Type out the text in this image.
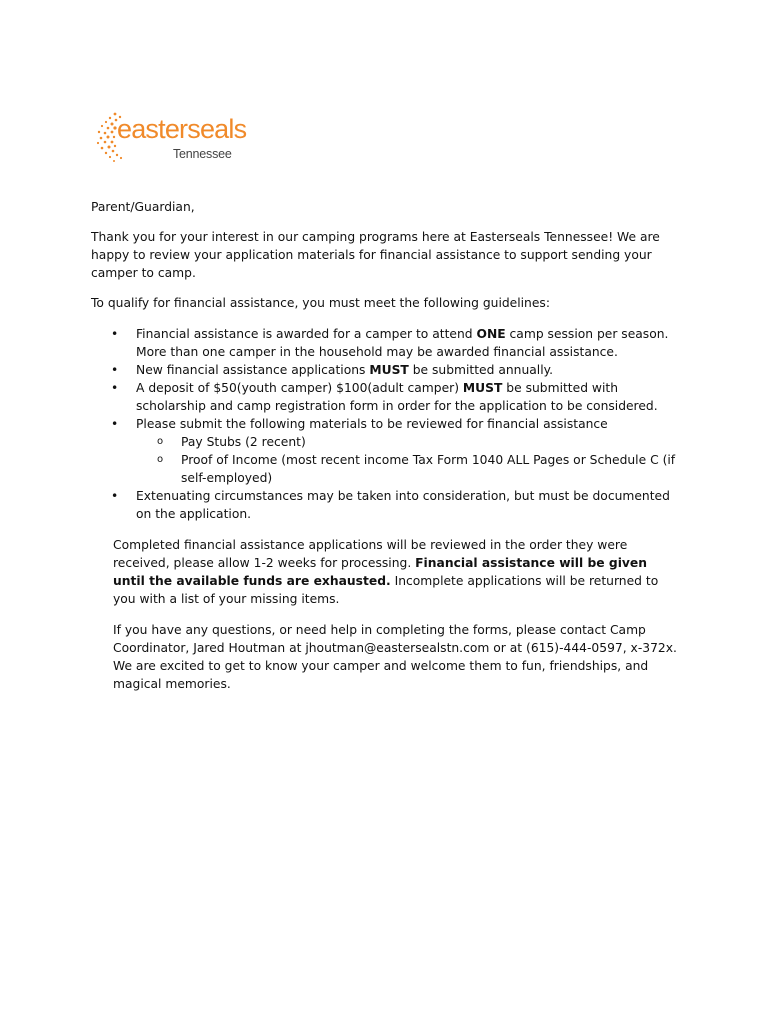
easterseals
Tennessee

Parent/Guardian,

Thank you for your interest in our camping programs here at Easterseals Tennessee! We are happy to review your application materials for financial assistance to support sending your camper to camp.

To qualify for financial assistance, you must meet the following guidelines:

• Financial assistance is awarded for a camper to attend ONE camp session per season. More than one camper in the household may be awarded financial assistance.
• New financial assistance applications MUST be submitted annually.
• A deposit of $50(youth camper) $100(adult camper) MUST be submitted with scholarship and camp registration form in order for the application to be considered.
• Please submit the following materials to be reviewed for financial assistance
o Pay Stubs (2 recent)
o Proof of Income (most recent income Tax Form 1040 ALL Pages or Schedule C (if self-employed)
• Extenuating circumstances may be taken into consideration, but must be documented on the application.

Completed financial assistance applications will be reviewed in the order they were received, please allow 1-2 weeks for processing. Financial assistance will be given until the available funds are exhausted. Incomplete applications will be returned to you with a list of your missing items.

If you have any questions, or need help in completing the forms, please contact Camp Coordinator, Jared Houtman at jhoutman@eastersealstn.com or at (615)-444-0597, x-372x. We are excited to get to know your camper and welcome them to fun, friendships, and magical memories.
